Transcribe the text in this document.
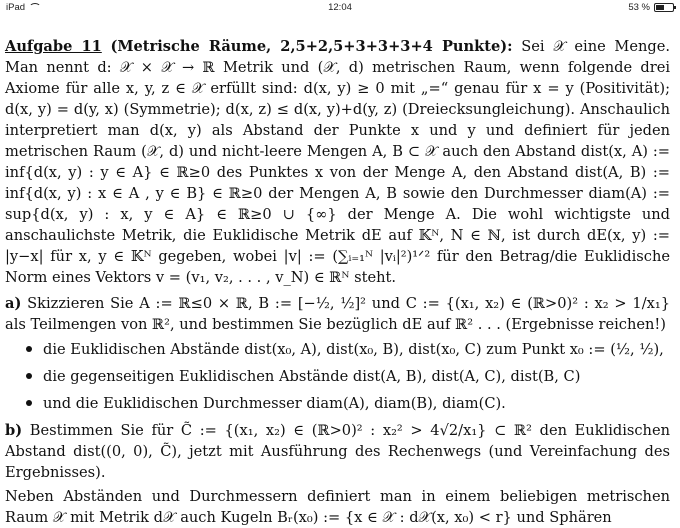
iPad	12:04	53 %
Aufgabe 11 (Metrische Räume, 2,5+2,5+3+3+3+4 Punkte): Sei 𝒳 eine Menge. Man nennt d: 𝒳 × 𝒳 → ℝ Metrik und (𝒳, d) metrischen Raum, wenn folgende drei Axiome für alle x, y, z ∈ 𝒳 erfüllt sind: d(x, y) ≥ 0 mit „=“ genau für x = y (Positivität); d(x, y) = d(y, x) (Symmetrie); d(x, z) ≤ d(x, y)+d(y, z) (Dreiecksungleichung). Anschaulich interpretiert man d(x, y) als Abstand der Punkte x und y und definiert für jeden metrischen Raum (𝒳, d) und nicht-leere Mengen A, B ⊂ 𝒳 auch den Abstand dist(x, A) := inf{d(x, y) : y ∈ A} ∈ ℝ≥0 des Punktes x von der Menge A, den Abstand dist(A, B) := inf{d(x, y) : x ∈ A , y ∈ B} ∈ ℝ≥0 der Mengen A, B sowie den Durchmesser diam(A) := sup{d(x, y) : x, y ∈ A} ∈ ℝ≥0 ∪ {∞} der Menge A. Die wohl wichtigste und anschaulichste Metrik, die Euklidische Metrik dE auf 𝕂ᴺ, N ∈ ℕ, ist durch dE(x, y) := |y−x| für x, y ∈ 𝕂ᴺ gegeben, wobei |v| := (∑ᵢ₌₁ᴺ |vᵢ|²)¹ᐟ² für den Betrag/die Euklidische Norm eines Vektors v = (v₁, v₂, . . . , v_N) ∈ ℝᴺ steht.
a) Skizzieren Sie A := ℝ≤0 × ℝ, B := [−½, ½]² und C := {(x₁, x₂) ∈ (ℝ>0)² : x₂ > 1/x₁} als Teilmengen von ℝ², und bestimmen Sie bezüglich dE auf ℝ² . . . (Ergebnisse reichen!)
die Euklidischen Abstände dist(x₀, A), dist(x₀, B), dist(x₀, C) zum Punkt x₀ := (½, ½),
die gegenseitigen Euklidischen Abstände dist(A, B), dist(A, C), dist(B, C)
und die Euklidischen Durchmesser diam(A), diam(B), diam(C).
b) Bestimmen Sie für C̃ := {(x₁, x₂) ∈ (ℝ>0)² : x₂² > 4√2/x₁} ⊂ ℝ² den Euklidischen Abstand dist((0, 0), C̃), jetzt mit Ausführung des Rechenwegs (und Vereinfachung des Ergebnisses).
Neben Abständen und Durchmessern definiert man in einem beliebigen metrischen Raum 𝒳 mit Metrik d𝒳 auch Kugeln Bᵣ(x₀) := {x ∈ 𝒳 : d𝒳(x, x₀) < r} und Sphären
